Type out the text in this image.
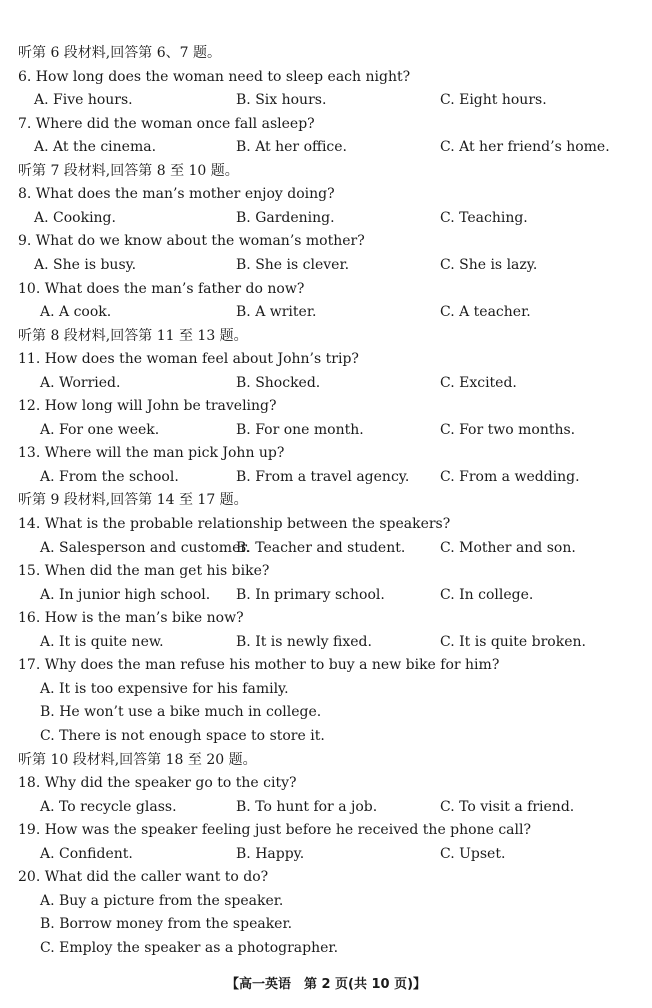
听第 6 段材料,回答第 6、7 题。
6. How long does the woman need to sleep each night?
A. Five hours.	B. Six hours.	C. Eight hours.
7. Where did the woman once fall asleep?
A. At the cinema.	B. At her office.	C. At her friend’s home.
听第 7 段材料,回答第 8 至 10 题。
8. What does the man’s mother enjoy doing?
A. Cooking.	B. Gardening.	C. Teaching.
9. What do we know about the woman’s mother?
A. She is busy.	B. She is clever.	C. She is lazy.
10. What does the man’s father do now?
A. A cook.	B. A writer.	C. A teacher.
听第 8 段材料,回答第 11 至 13 题。
11. How does the woman feel about John’s trip?
A. Worried.	B. Shocked.	C. Excited.
12. How long will John be traveling?
A. For one week.	B. For one month.	C. For two months.
13. Where will the man pick John up?
A. From the school.	B. From a travel agency. C. From a wedding.
听第 9 段材料,回答第 14 至 17 题。
14. What is the probable relationship between the speakers?
A. Salesperson and customer.
B. Teacher and student. C. Mother and son.
15. When did the man get his bike?
A. In junior high school. B. In primary school.	C. In college.
16. How is the man’s bike now?
A. It is quite new.	B. It is newly fixed.	C. It is quite broken.
17. Why does the man refuse his mother to buy a new bike for him?
A. It is too expensive for his family.
B. He won’t use a bike much in college.
C. There is not enough space to store it.
听第 10 段材料,回答第 18 至 20 题。
18. Why did the speaker go to the city?
A. To recycle glass.	B. To hunt for a job.	C. To visit a friend.
19. How was the speaker feeling just before he received the phone call?
A. Confident.	B. Happy.	C. Upset.
20. What did the caller want to do?
A. Buy a picture from the speaker.
B. Borrow money from the speaker.
C. Employ the speaker as a photographer.
【高一英语　第 2 页(共 10 页)】
